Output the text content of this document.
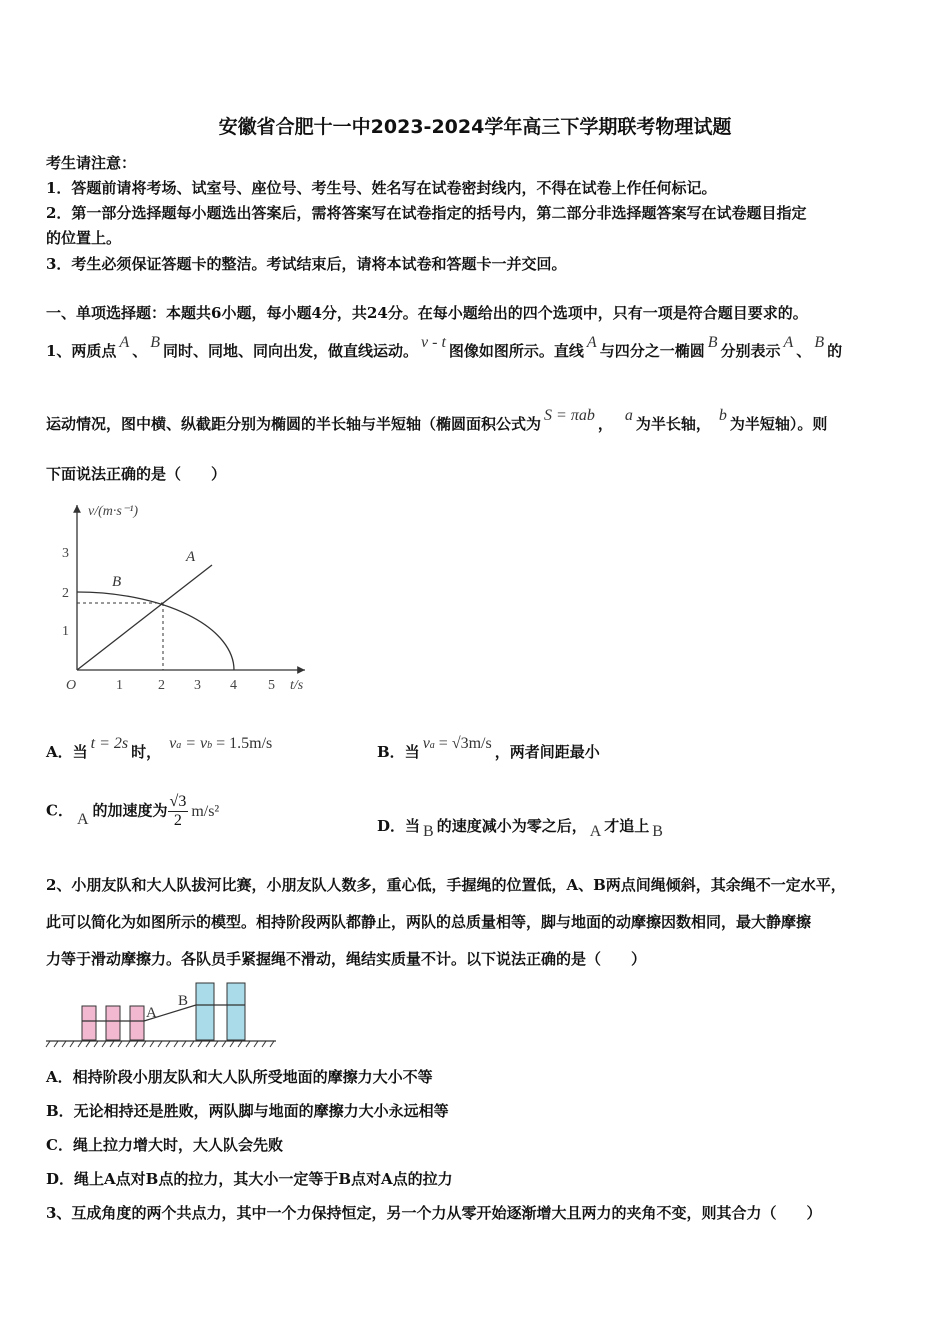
安徽省合肥十一中2023-2024学年高三下学期联考物理试题
考生请注意：
1．答题前请将考场、试室号、座位号、考生号、姓名写在试卷密封线内，不得在试卷上作任何标记。
2．第一部分选择题每小题选出答案后，需将答案写在试卷指定的括号内，第二部分非选择题答案写在试卷题目指定
的位置上。
3．考生必须保证答题卡的整洁。考试结束后，请将本试卷和答题卡一并交回。
一、单项选择题：本题共6小题，每小题4分，共24分。在每小题给出的四个选项中，只有一项是符合题目要求的。
1、两质点 A 、 B 同时、同地、同向出发，做直线运动。 v - t 图像如图所示。直线 A 与四分之一椭圆 B 分别表示 A 、 B 的
运动情况，图中横、纵截距分别为椭圆的半长轴与半短轴（椭圆面积公式为 S = πab ， a 为半长轴， b 为半短轴）。则
下面说法正确的是（　　）
v/(m·s⁻¹)
t/s
O
1
2
3
1	2 3 4 5
A
B
A．当 t = 2s 时， va = vb = 1.5m/s	B．当 va = √3m/s ，两者间距最小
C． A 的加速度为 $\frac{√3}{2} m/s^2$
D．当 B 的速度减小为零之后， A 才追上 B
2、小朋友队和大人队拔河比赛，小朋友队人数多，重心低，手握绳的位置低，A、B两点间绳倾斜，其余绳不一定水平，
此可以简化为如图所示的模型。相持阶段两队都静止，两队的总质量相等，脚与地面的动摩擦因数相同，最大静摩擦
力等于滑动摩擦力。各队员手紧握绳不滑动，绳结实质量不计。以下说法正确的是（　　）
A
B
A．相持阶段小朋友队和大人队所受地面的摩擦力大小不等
B．无论相持还是胜败，两队脚与地面的摩擦力大小永远相等
C．绳上拉力增大时，大人队会先败
D．绳上A点对B点的拉力，其大小一定等于B点对A点的拉力
3、互成角度的两个共点力，其中一个力保持恒定，另一个力从零开始逐渐增大且两力的夹角不变，则其合力（　　）
